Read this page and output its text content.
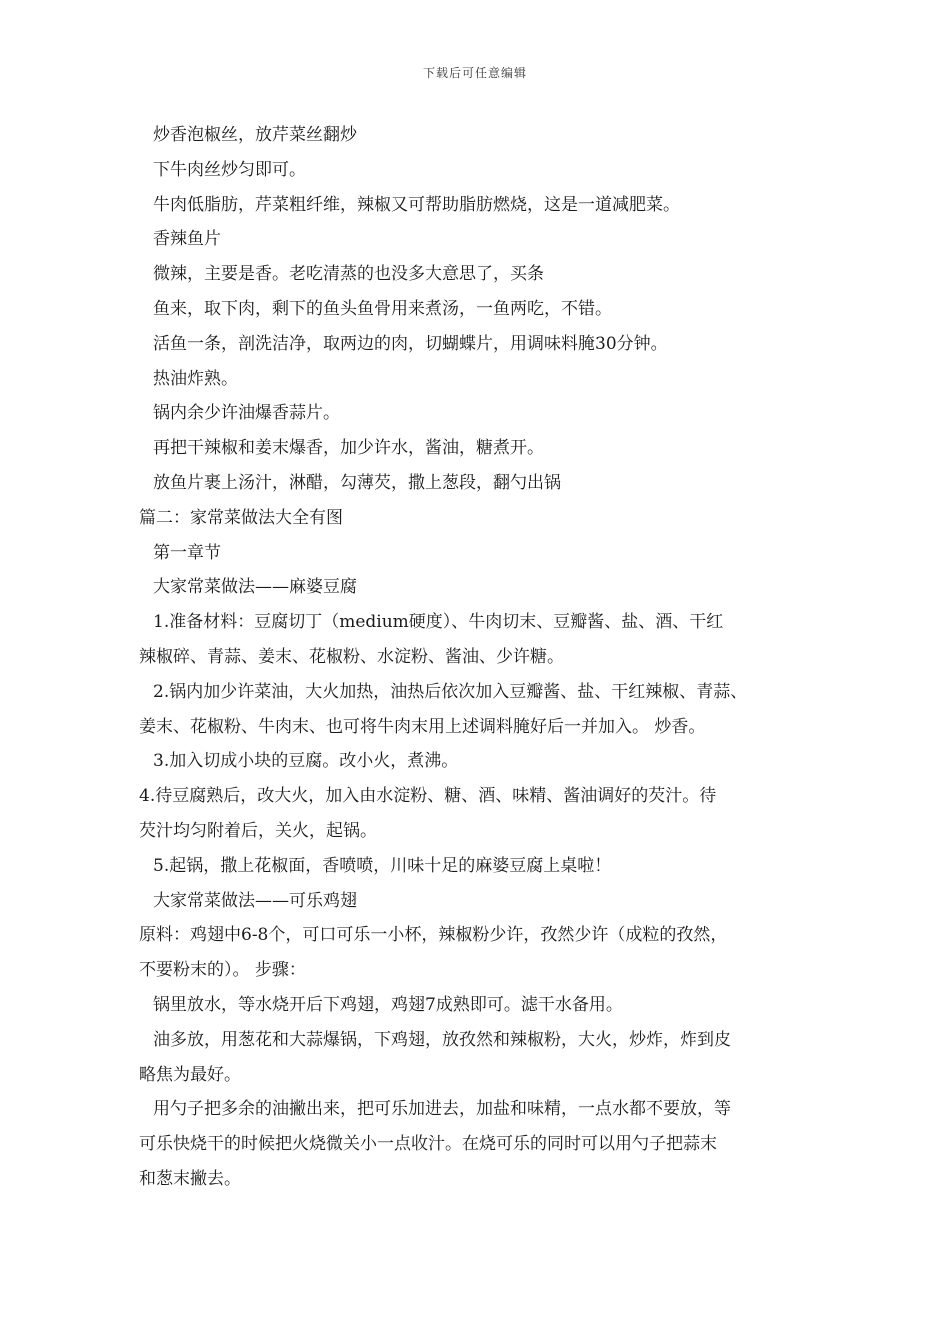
下载后可任意编辑
炒香泡椒丝，放芹菜丝翻炒
下牛肉丝炒匀即可。
牛肉低脂肪，芹菜粗纤维，辣椒又可帮助脂肪燃烧，这是一道减肥菜。
香辣鱼片
微辣，主要是香。老吃清蒸的也没多大意思了，买条
鱼来，取下肉，剩下的鱼头鱼骨用来煮汤，一鱼两吃，不错。
活鱼一条，剖洗洁净，取两边的肉，切蝴蝶片，用调味料腌30分钟。
热油炸熟。
锅内余少许油爆香蒜片。
再把干辣椒和姜末爆香，加少许水，酱油，糖煮开。
放鱼片裹上汤汁，淋醋，勾薄芡，撒上葱段，翻勺出锅
篇二：家常菜做法大全有图
第一章节
大家常菜做法——麻婆豆腐
1.准备材料：豆腐切丁（medium硬度）、牛肉切末、豆瓣酱、盐、酒、干红
辣椒碎、青蒜、姜末、花椒粉、水淀粉、酱油、少许糖。
2.锅内加少许菜油，大火加热，油热后依次加入豆瓣酱、盐、干红辣椒、青蒜、
姜末、花椒粉、牛肉末、也可将牛肉末用上述调料腌好后一并加入。 炒香。
3.加入切成小块的豆腐。改小火，煮沸。
4.待豆腐熟后，改大火，加入由水淀粉、糖、酒、味精、酱油调好的芡汁。待
芡汁均匀附着后，关火，起锅。
5.起锅，撒上花椒面，香喷喷，川味十足的麻婆豆腐上桌啦！
大家常菜做法——可乐鸡翅
原料：鸡翅中6-8个，可口可乐一小杯，辣椒粉少许，孜然少许（成粒的孜然，
不要粉末的）。 步骤：
锅里放水，等水烧开后下鸡翅，鸡翅7成熟即可。滤干水备用。
油多放，用葱花和大蒜爆锅，下鸡翅，放孜然和辣椒粉，大火，炒炸，炸到皮
略焦为最好。
用勺子把多余的油撇出来，把可乐加进去，加盐和味精，一点水都不要放，等
可乐快烧干的时候把火烧微关小一点收汁。在烧可乐的同时可以用勺子把蒜末
和葱末撇去。
